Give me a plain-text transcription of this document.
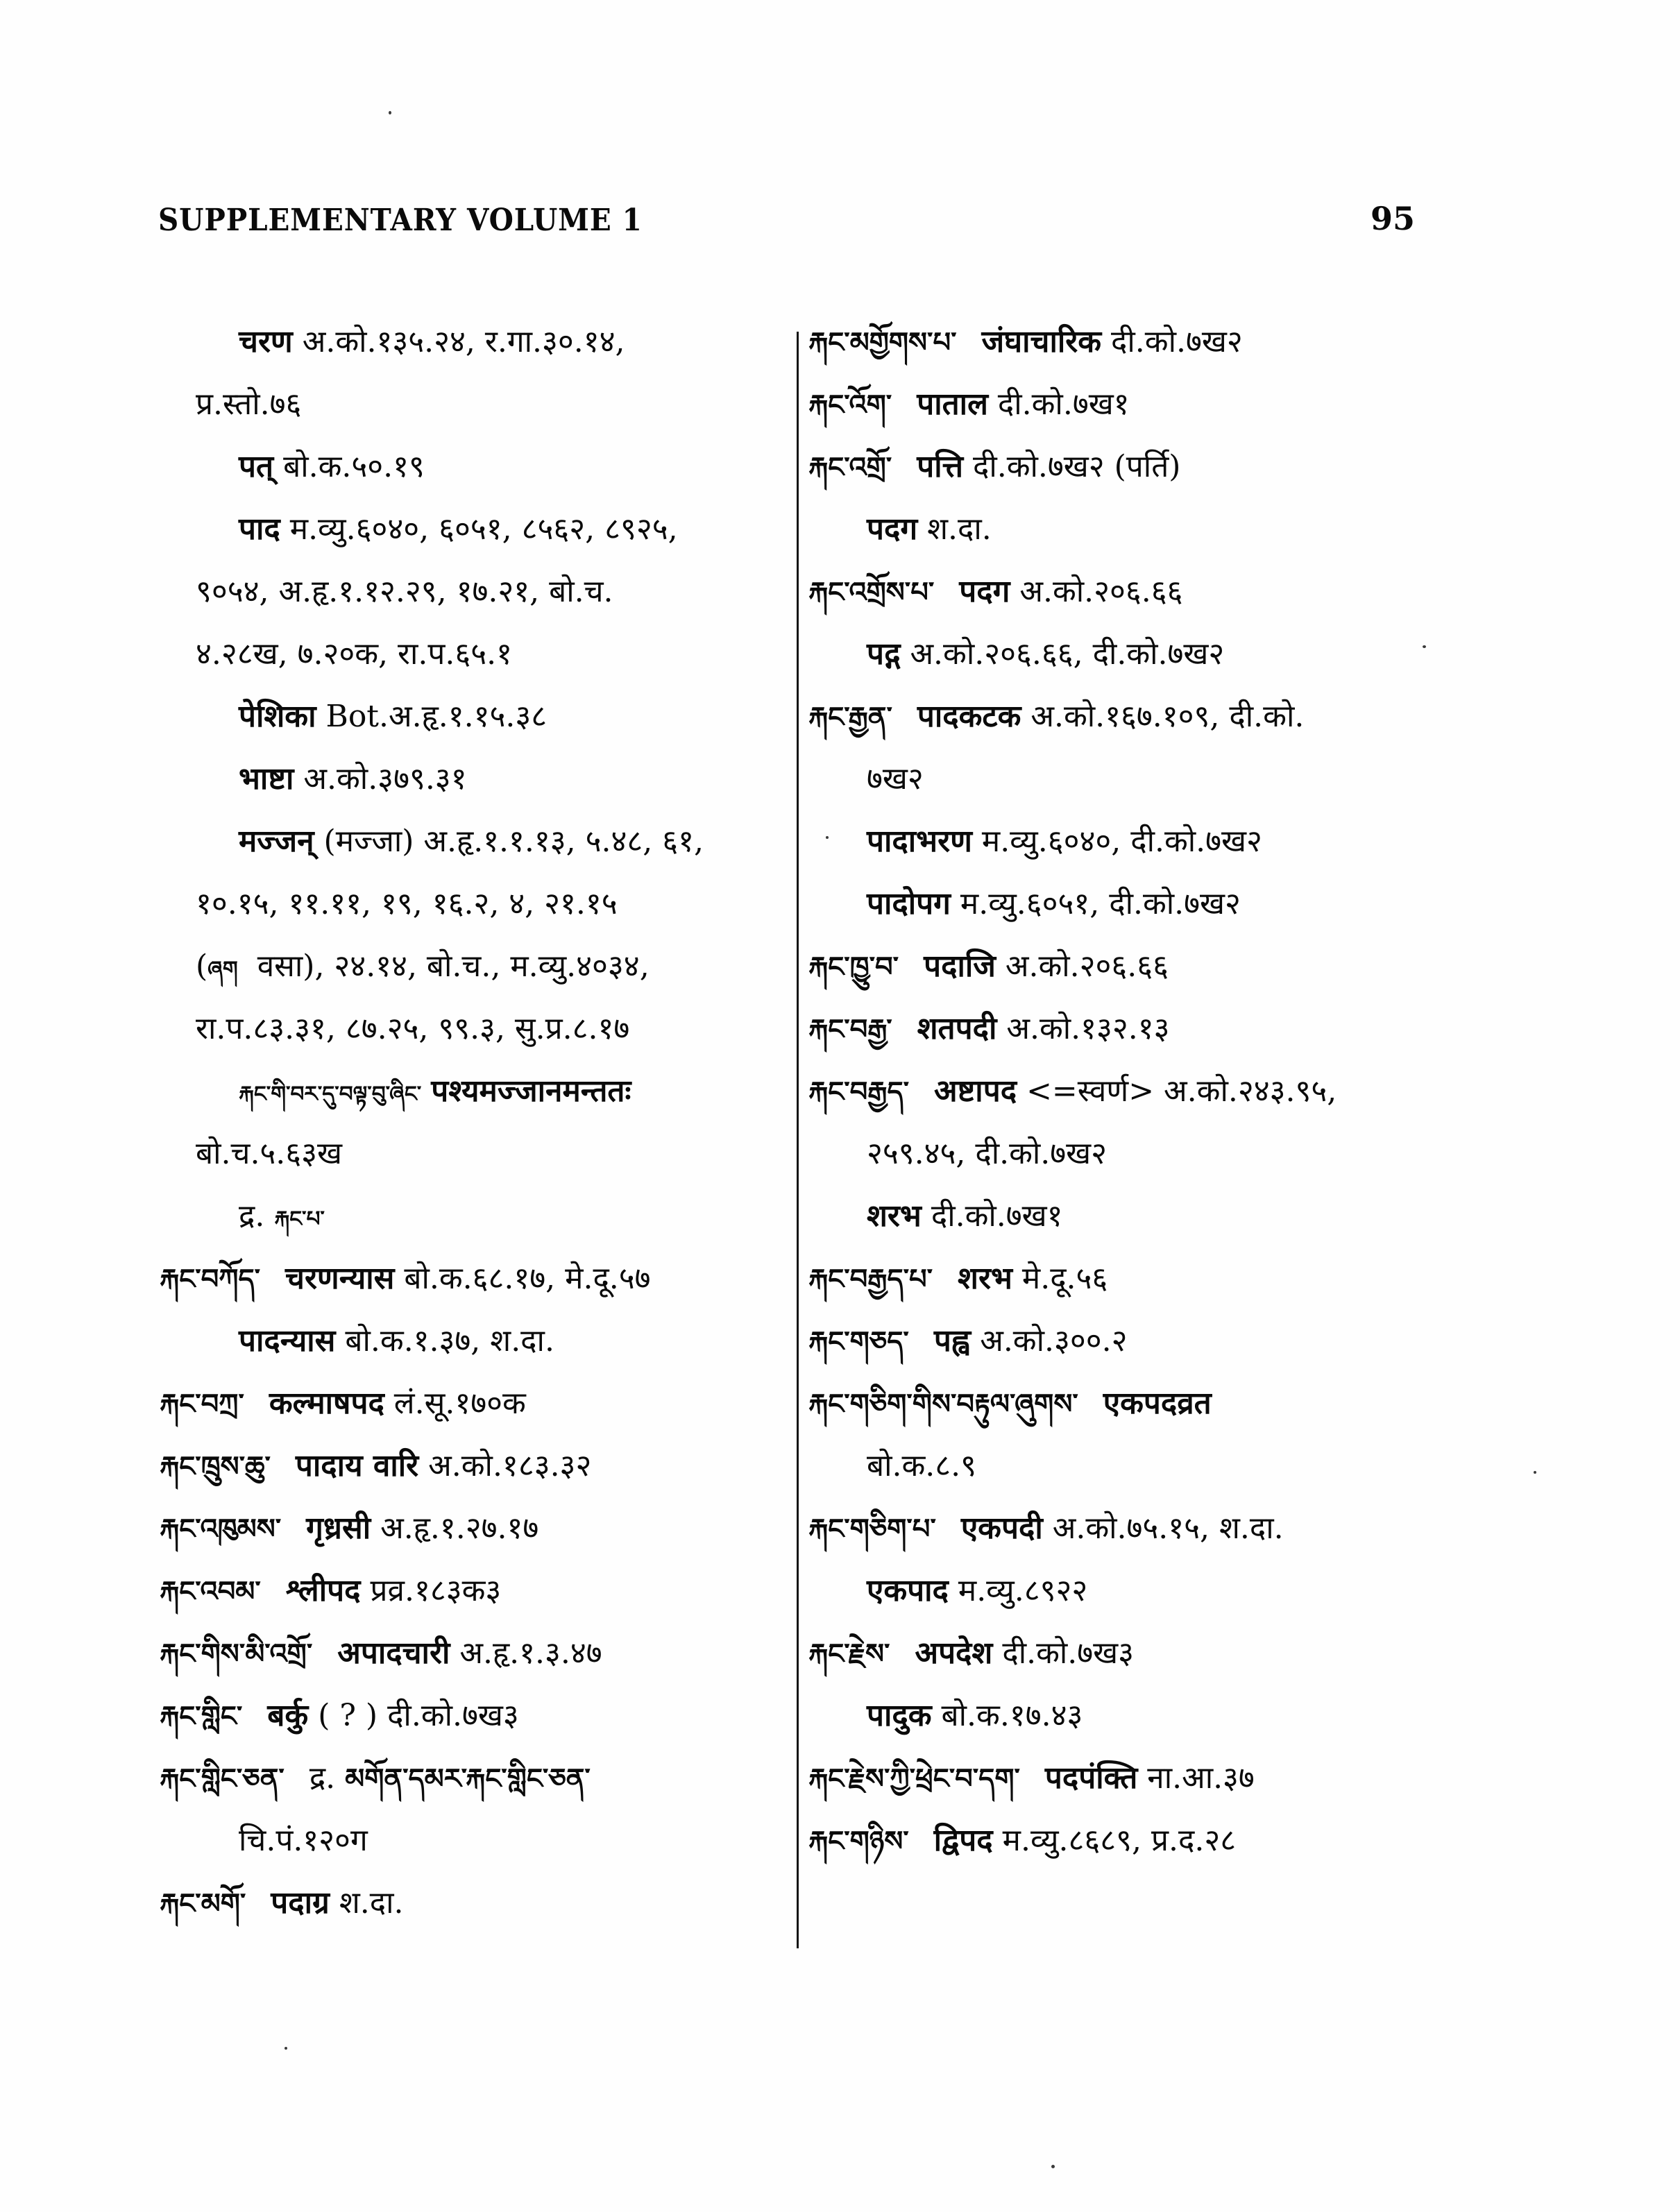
SUPPLEMENTARY VOLUME 1	95
चरण अ.को.१३५.२४, र.गा.३०.१४,
प्र.स्तो.७६
पत् बो.क.५०.१९
पाद म.व्यु.६०४०, ६०५१, ८५६२, ८९२५,
९०५४, अ.हृ.१.१२.२९, १७.२१, बो.च.
४.२८ख, ७.२०क, रा.प.६५.१
पेशिका Bot.अ.हृ.१.१५.३८
भाष्टा अ.को.३७९.३१
मज्जन् (मज्जा) अ.हृ.१.१.१३, ५.४८, ६१,
१०.१५, ११.११, १९, १६.२, ४, २१.१५
(ཞག वसा), २४.१४, बो.च., म.व्यु.४०३४,
रा.प.८३.३१, ८७.२५, ९९.३, सु.प्र.८.१७
རྐང་གི་བར་དུ་བལྟ་བུ་ཞིང་ पश्यमज्जानमन्ततः
बो.च.५.६३ख
द्र. རྐང་པ་
རྐང་བཀོད་ चरणन्यास बो.क.६८.१७, मे.दू.५७
पादन्यास बो.क.१.३७, श.दा.
རྐང་བཀྲ་ कल्माषपद लं.सू.१७०क
རྐང་ཁྲུས་ཆུ་ पादाय वारि अ.को.१८३.३२
རྐང་འཁུམས་ गृध्रसी अ.हृ.१.२७.१७
རྐང་འབམ་ श्लीपद प्रव्र.१८३क३
རྐང་གིས་མི་འགྲོ་ अपादचारी अ.हृ.१.३.४७
རྐང་གླིང་ बर्कु ( ? ) दी.को.७ख३
རྐང་གླིང་ཅན་ द्र. མགོན་དམར་རྐང་གླིང་ཅན་
चि.पं.१२०ग
རྐང་མགོ་ पदाग्र श.दा.
རྐང་མགྱོགས་པ་ जंघाचारिक दी.को.७ख२
རྐང་འོག་ पाताल दी.को.७ख१
རྐང་འགྲོ་ पत्ति दी.को.७ख२ (पर्ति)
पदग श.दा.
རྐང་འགྲོས་པ་ पदग अ.को.२०६.६६
पद्ग अ.को.२०६.६६, दी.को.७ख२
རྐང་རྒྱན་ पादकटक अ.को.१६७.१०९, दी.को.
७ख२
पादाभरण म.व्यु.६०४०, दी.को.७ख२
पादोपग म.व्यु.६०५१, दी.को.७ख२
རྐང་ཁྱུ་བ་ पदाजि अ.को.२०६.६६
རྐང་བརྒྱ་ शतपदी अ.को.१३२.१३
རྐང་བརྒྱད་ अष्टापद <=स्वर्ण> अ.को.२४३.९५,
२५९.४५, दी.को.७ख२
शरभ दी.को.७ख१
རྐང་བརྒྱད་པ་ शरभ मे.दू.५६
རྐང་གཅད་ पह्व अ.को.३००.२
རྐང་གཅིག་གིས་བརྟུལ་ཞུགས་ एकपदव्रत
बो.क.८.९
རྐང་གཅིག་པ་ एकपदी अ.को.७५.१५, श.दा.
एकपाद म.व्यु.८९२२
རྐང་རྗེས་ अपदेश दी.को.७ख३
पादुक बो.क.१७.४३
རྐང་རྗེས་ཀྱི་ཕྲེང་བ་དག་ पदपंक्ति ना.आ.३७
རྐང་གཉིས་ द्विपद म.व्यु.८६८९, प्र.द.२८
